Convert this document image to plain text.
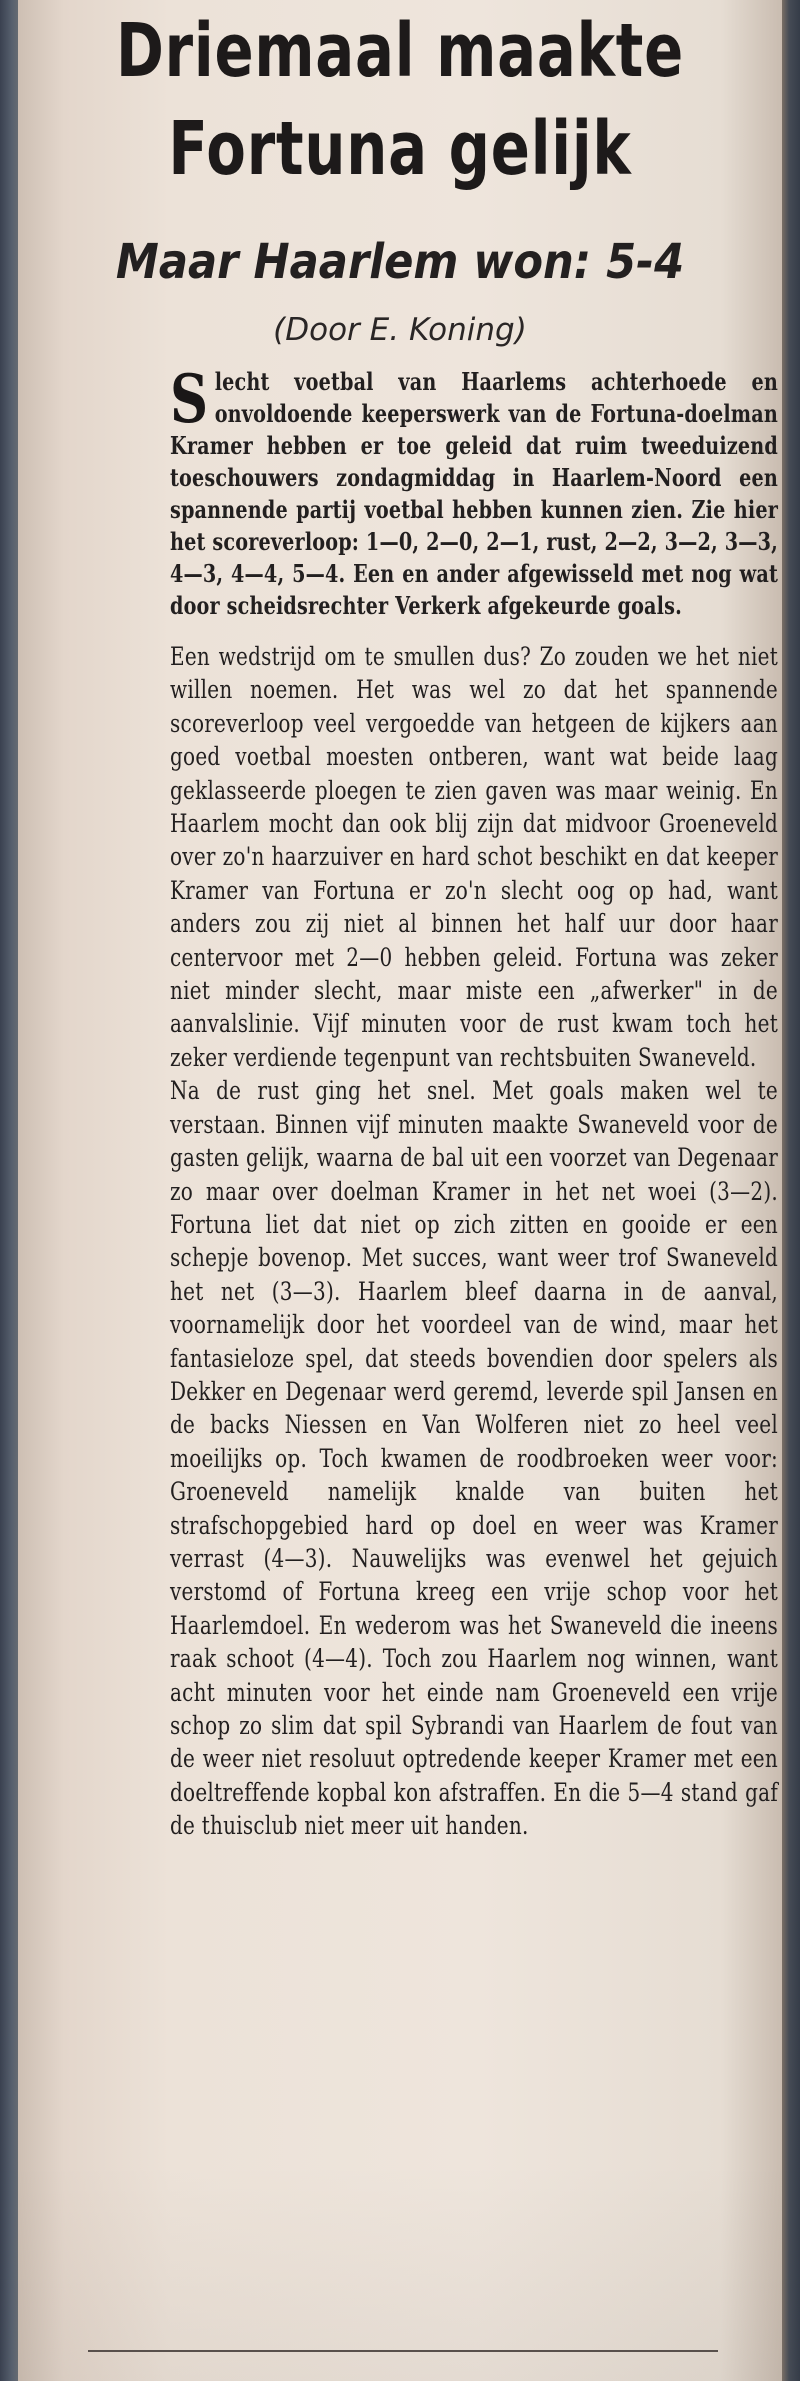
Driemaal maakte
Fortuna gelijk
Maar Haarlem won: 5-4

(Door E. Koning)

Slecht voetbal van Haarlems achterhoede en onvoldoende keeperswerk van de Fortuna-doelman Kramer hebben er toe geleid dat ruim tweeduizend toeschouwers zondagmiddag in Haarlem-Noord een spannende partij voetbal hebben kunnen zien. Zie hier het scoreverloop: 1—0, 2—0, 2—1, rust, 2—2, 3—2, 3—3, 4—3, 4—4, 5—4. Een en ander afgewisseld met nog wat door scheidsrechter Verkerk afgekeurde goals.

Een wedstrijd om te smullen dus? Zo zouden we het niet willen noemen. Het was wel zo dat het spannende scoreverloop veel vergoedde van hetgeen de kijkers aan goed voetbal moesten ontberen, want wat beide laag geklasseerde ploegen te zien gaven was maar weinig. En Haarlem mocht dan ook blij zijn dat midvoor Groeneveld over zo'n haarzuiver en hard schot beschikt en dat keeper Kramer van Fortuna er zo'n slecht oog op had, want anders zou zij niet al binnen het half uur door haar centervoor met 2—0 hebben geleid. Fortuna was zeker niet minder slecht, maar miste een „afwerker" in de aanvalslinie. Vijf minuten voor de rust kwam toch het zeker verdiende tegenpunt van rechtsbuiten Swaneveld.

Na de rust ging het snel. Met goals maken wel te verstaan. Binnen vijf minuten maakte Swaneveld voor de gasten gelijk, waarna de bal uit een voorzet van Degenaar zo maar over doelman Kramer in het net woei (3—2). Fortuna liet dat niet op zich zitten en gooide er een schepje bovenop. Met succes, want weer trof Swaneveld het net (3—3). Haarlem bleef daarna in de aanval, voornamelijk door het voordeel van de wind, maar het fantasieloze spel, dat steeds bovendien door spelers als Dekker en Degenaar werd geremd, leverde spil Jansen en de backs Niessen en Van Wolferen niet zo heel veel moeilijks op. Toch kwamen de roodbroeken weer voor: Groeneveld namelijk knalde van buiten het strafschopgebied hard op doel en weer was Kramer verrast (4—3). Nauwelijks was evenwel het gejuich verstomd of Fortuna kreeg een vrije schop voor het Haarlemdoel. En wederom was het Swaneveld die ineens raak schoot (4—4). Toch zou Haarlem nog winnen, want acht minuten voor het einde nam Groeneveld een vrije schop zo slim dat spil Sybrandi van Haarlem de fout van de weer niet resoluut optredende keeper Kramer met een doeltreffende kopbal kon afstraffen. En die 5—4 stand gaf de thuisclub niet meer uit handen.
